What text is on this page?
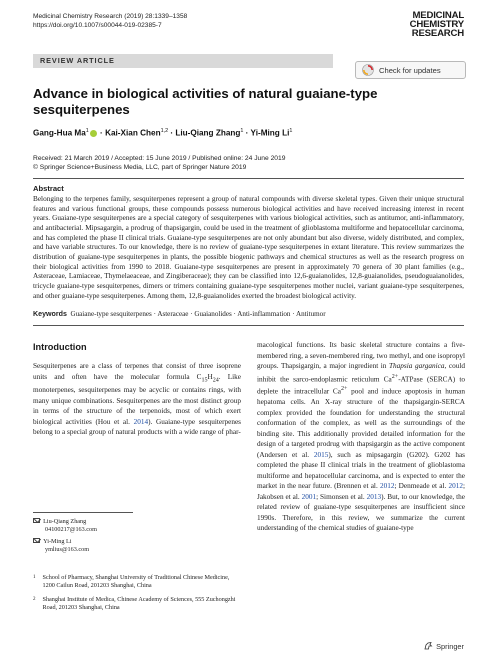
Medicinal Chemistry Research (2019) 28:1339–1358
https://doi.org/10.1007/s00044-019-02385-7
MEDICINAL
CHEMISTRY
RESEARCH
REVIEW ARTICLE
Check for updates
Advance in biological activities of natural guaiane-type sesquiterpenes
Gang-Hua $Ma^1$ · Kai-Xian Chen$^{1,2}$ · Liu-Qiang Zhang$^1$ · Yi-Ming Li$^1$
Received: 21 March 2019 / Accepted: 15 June 2019 / Published online: 24 June 2019
© Springer Science+Business Media, LLC, part of Springer Nature 2019
Abstract
Belonging to the terpenes family, sesquiterpenes represent a group of natural compounds with diverse skeletal types. Given their unique structural features and various functional groups, these compounds possess numerous biological activities and have received increasing interest in recent years. Guaiane-type sesquiterpenes are a special category of sesquiterpenes with various biological activities, such as antitumor, anti-inflammatory, and antibacterial. Mipsagargin, a prodrug of thapsigargin, could be used in the treatment of glioblastoma multiforme and hepatocellular carcinoma, and has completed the phase II clinical trials. Guaiane-type sesquiterpenes are not only abundant but also diverse, widely distributed, and complex, and have variable structures. To our knowledge, there is no review of guaiane-type sesquiterpenes in extant literature. This review summarizes the distribution of guaiane-type sesquiterpenes in plants, the possible biogenic pathways and chemical structures as well as the research progress on their biological activities from 1990 to 2018. Guaiane-type sesquiterpenes are present in approximately 70 genera of 30 plant families (e.g., Asteraceae, Lamiaceae, Thymelaeaceae, and Zingiberaceae); they can be classified into 12,6-guaianolides, 12,8-guaianolides, pseudoguaianolides, tricycle guaiane-type sesquiterpenes, dimers or trimers containing guaiane-type sesquiterpenes mother nuclei, variant guaiane-type sesquiterpenes, and other guaiane-type sesquiterpenes. Among them, 12,8-guaianolides exerted the broadest biological activity.
Keywords Guaiane-type sesquiterpenes · Asteraceae · Guaianolides · Anti-inflammation · Antitumor
Introduction
Sesquiterpenes are a class of terpenes that consist of three isoprene units and often have the molecular formula $C_{15}H_{24}$. Like monoterpenes, sesquiterpenes may be acyclic or contains rings, with many unique combinations. Sesquiterpenes are the most distinct group in terms of the structure of the terpenoids, most of which exert biological activities (Hou et al. 2014). Guaiane-type sesquiterpenes belong to a special group of natural products with a wide range of phar-
macological functions. Its basic skeletal structure contains a five-membered ring, a seven-membered ring, two methyl, and one isopropyl groups. Thapsigargin, a major ingredient in Thapsia garganica, could inhibit the sarco-endoplasmic reticulum $Ca^{2+}$-ATPase (SERCA) to deplete the intracellular $Ca^{2+}$ pool and induce apoptosis in human hepatoma cells. An X-ray structure of the thapsigargin-SERCA complex provided the foundation for understanding the structural conformation of the complex, as well as the surroundings of the binding site. This additionally provided detailed information for the design of a targeted prodrug with thapsigargin as the active component (Andersen et al. 2015), such as mipsagargin (G202). G202 has completed the phase II clinical trials in the treatment of glioblastoma multiforme and hepatocellular carcinoma, and is expected to enter the market in the near future. (Brennen et al. 2012; Denmeade et al. 2012; Jakobsen et al. 2001; Simonsen et al. 2013). But, to our knowledge, the related review of guaiane-type sesquiterpenes are insufficient since 1990s. Therefore, in this review, we summarize the current understanding of the chemical studies of guaiane-type
Liu-Qiang Zhang
04100217@163.com
Yi-Ming Li
ymlius@163.com
1 School of Pharmacy, Shanghai University of Traditional Chinese Medicine, 1200 Cailun Road, 201203 Shanghai, China
2 Shanghai Institute of Medica, Chinese Academy of Sciences, 555 Zuchongzhi Road, 201203 Shanghai, China
Springer
